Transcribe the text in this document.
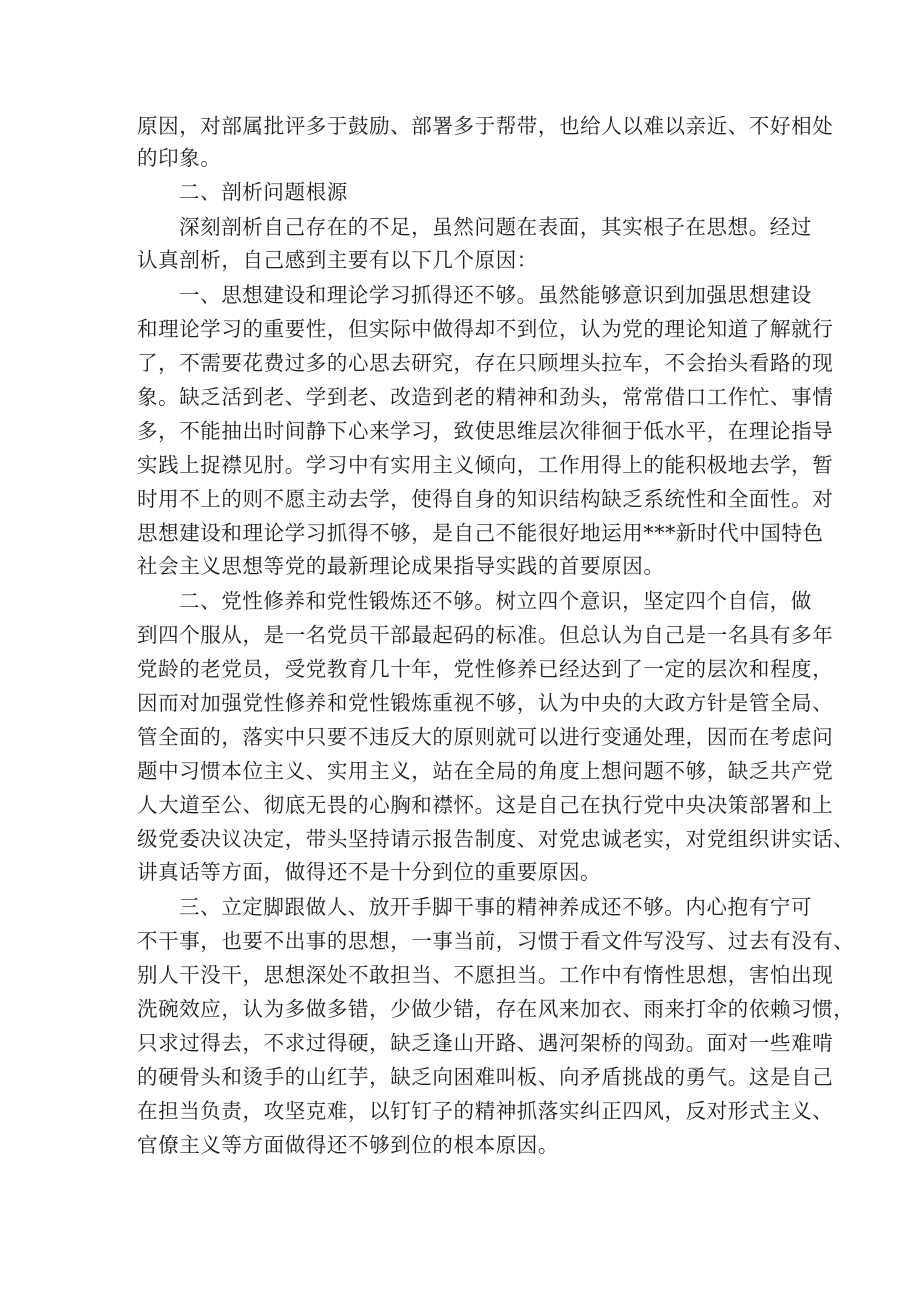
原因，对部属批评多于鼓励、部署多于帮带，也给人以难以亲近、不好相处
的印象。
二、剖析问题根源
深刻剖析自己存在的不足，虽然问题在表面，其实根子在思想。经过
认真剖析，自己感到主要有以下几个原因：
一、思想建设和理论学习抓得还不够。虽然能够意识到加强思想建设
和理论学习的重要性，但实际中做得却不到位，认为党的理论知道了解就行
了，不需要花费过多的心思去研究，存在只顾埋头拉车，不会抬头看路的现
象。缺乏活到老、学到老、改造到老的精神和劲头，常常借口工作忙、事情
多，不能抽出时间静下心来学习，致使思维层次徘徊于低水平，在理论指导
实践上捉襟见肘。学习中有实用主义倾向，工作用得上的能积极地去学，暂
时用不上的则不愿主动去学，使得自身的知识结构缺乏系统性和全面性。对
思想建设和理论学习抓得不够，是自己不能很好地运用***新时代中国特色
社会主义思想等党的最新理论成果指导实践的首要原因。
二、党性修养和党性锻炼还不够。树立四个意识，坚定四个自信，做
到四个服从，是一名党员干部最起码的标准。但总认为自己是一名具有多年
党龄的老党员，受党教育几十年，党性修养已经达到了一定的层次和程度，
因而对加强党性修养和党性锻炼重视不够，认为中央的大政方针是管全局、
管全面的，落实中只要不违反大的原则就可以进行变通处理，因而在考虑问
题中习惯本位主义、实用主义，站在全局的角度上想问题不够，缺乏共产党
人大道至公、彻底无畏的心胸和襟怀。这是自己在执行党中央决策部署和上
级党委决议决定，带头坚持请示报告制度、对党忠诚老实，对党组织讲实话、
讲真话等方面，做得还不是十分到位的重要原因。
三、立定脚跟做人、放开手脚干事的精神养成还不够。内心抱有宁可
不干事，也要不出事的思想，一事当前，习惯于看文件写没写、过去有没有、
别人干没干，思想深处不敢担当、不愿担当。工作中有惰性思想，害怕出现
洗碗效应，认为多做多错，少做少错，存在风来加衣、雨来打伞的依赖习惯，
只求过得去，不求过得硬，缺乏逢山开路、遇河架桥的闯劲。面对一些难啃
的硬骨头和烫手的山红芋，缺乏向困难叫板、向矛盾挑战的勇气。这是自己
在担当负责，攻坚克难，以钉钉子的精神抓落实纠正四风，反对形式主义、
官僚主义等方面做得还不够到位的根本原因。
